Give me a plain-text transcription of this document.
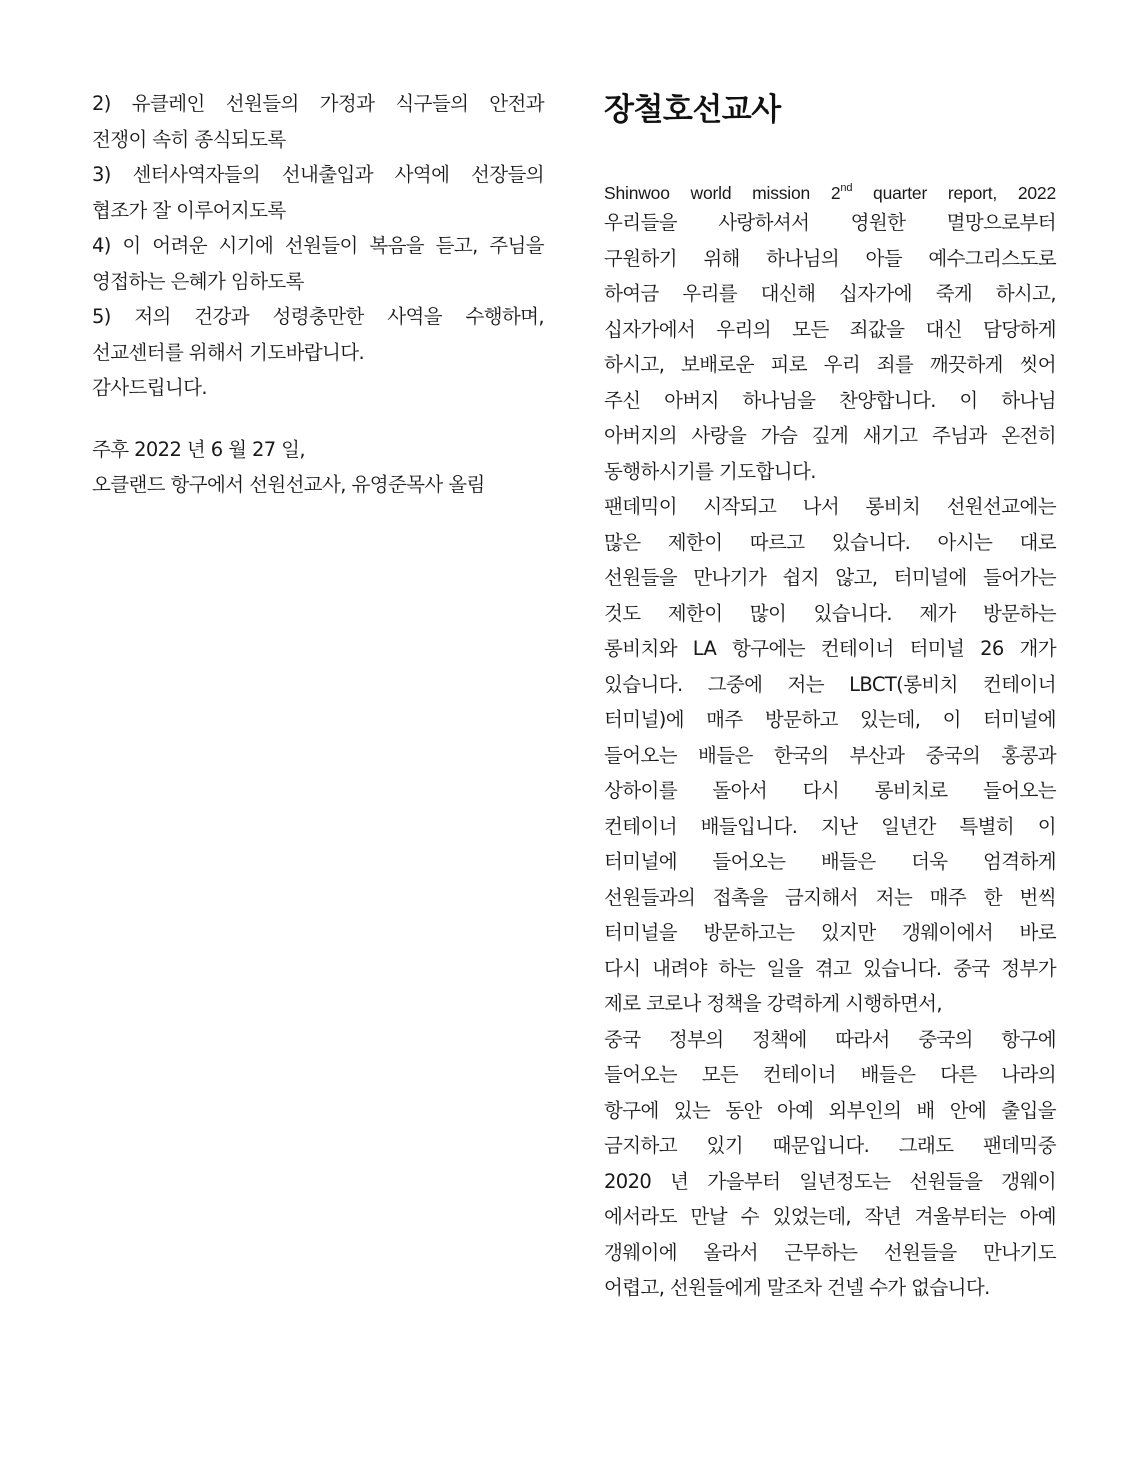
2) 유클레인 선원들의 가정과 식구들의 안전과
전쟁이 속히 종식되도록
3) 센터사역자들의 선내출입과 사역에 선장들의
협조가 잘 이루어지도록
4) 이 어려운 시기에 선원들이 복음을 듣고, 주님을
영접하는 은혜가 임하도록
5) 저의 건강과 성령충만한 사역을 수행하며,
선교센터를 위해서 기도바랍니다.
감사드립니다.
주후 2022 년 6 월 27 일,
오클랜드 항구에서 선원선교사, 유영준목사 올림
장철호선교사
Shinwoo world mission 2nd quarter report, 2022
우리들을 사랑하셔서 영원한 멸망으로부터
구원하기 위해 하나님의 아들 예수그리스도로
하여금 우리를 대신해 십자가에 죽게 하시고,
십자가에서 우리의 모든 죄값을 대신 담당하게
하시고, 보배로운 피로 우리 죄를 깨끗하게 씻어
주신 아버지 하나님을 찬양합니다. 이 하나님
아버지의 사랑을 가슴 깊게 새기고 주님과 온전히
동행하시기를 기도합니다.
팬데믹이 시작되고 나서 롱비치 선원선교에는
많은 제한이 따르고 있습니다. 아시는 대로
선원들을 만나기가 쉽지 않고, 터미널에 들어가는
것도 제한이 많이 있습니다. 제가 방문하는
롱비치와 LA 항구에는 컨테이너 터미널 26 개가
있습니다. 그중에 저는 LBCT(롱비치 컨테이너
터미널)에 매주 방문하고 있는데, 이 터미널에
들어오는 배들은 한국의 부산과 중국의 홍콩과
상하이를 돌아서 다시 롱비치로 들어오는
컨테이너 배들입니다. 지난 일년간 특별히 이
터미널에 들어오는 배들은 더욱 엄격하게
선원들과의 접촉을 금지해서 저는 매주 한 번씩
터미널을 방문하고는 있지만 갱웨이에서 바로
다시 내려야 하는 일을 겪고 있습니다. 중국 정부가
제로 코로나 정책을 강력하게 시행하면서,
중국 정부의 정책에 따라서 중국의 항구에
들어오는 모든 컨테이너 배들은 다른 나라의
항구에 있는 동안 아예 외부인의 배 안에 출입을
금지하고 있기 때문입니다. 그래도 팬데믹중
2020 년 가을부터 일년정도는 선원들을 갱웨이
에서라도 만날 수 있었는데, 작년 겨울부터는 아예
갱웨이에 올라서 근무하는 선원들을 만나기도
어렵고, 선원들에게 말조차 건넬 수가 없습니다.
